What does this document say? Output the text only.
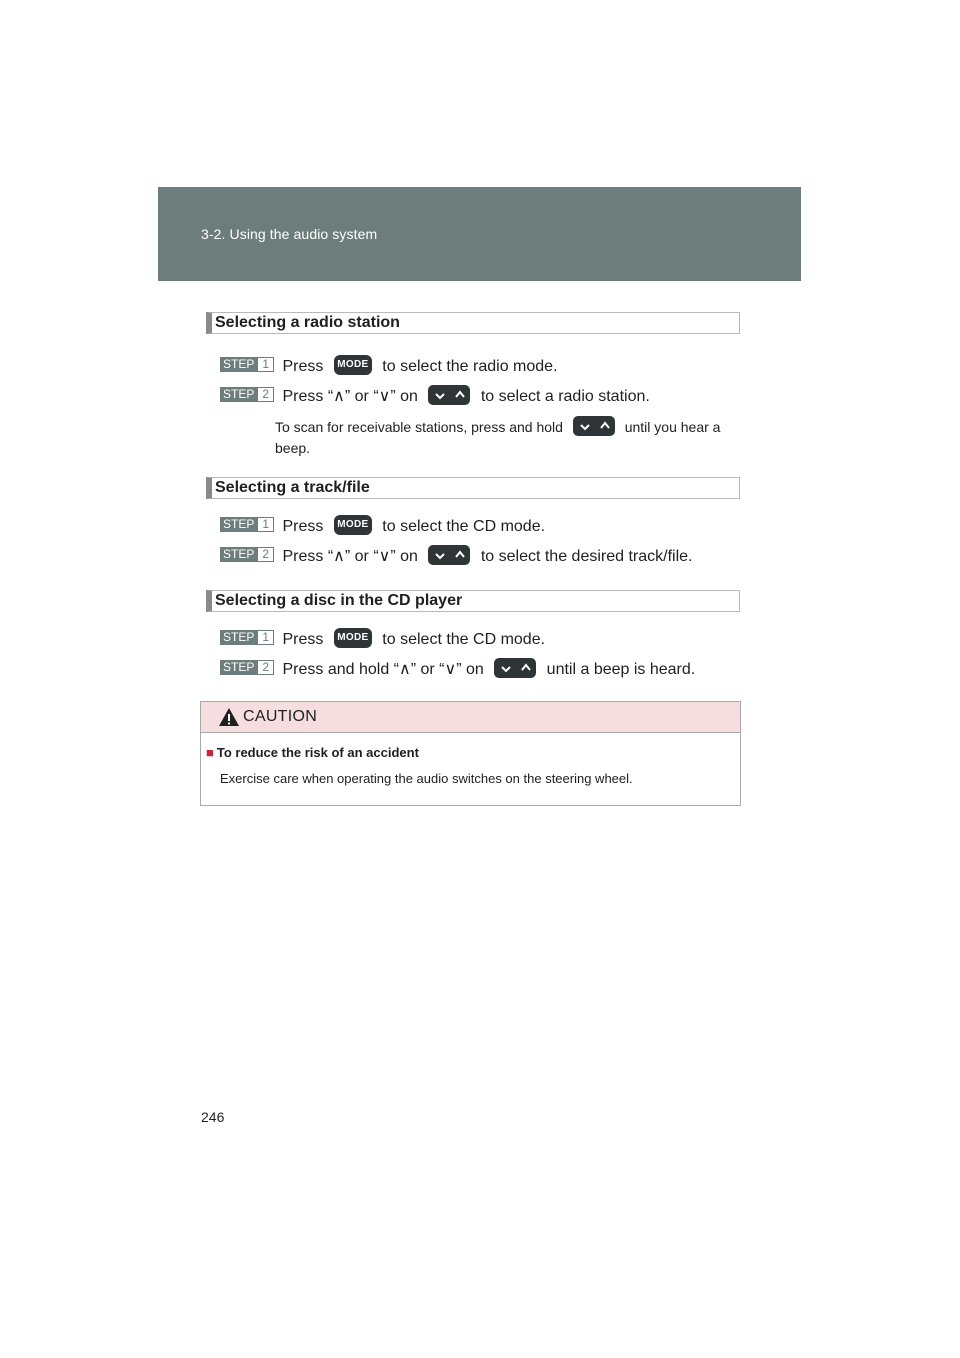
3-2. Using the audio system
Selecting a radio station
STEP 1 Press MODE to select the radio mode.
STEP 2 Press “∧” or “∨” on	to select a radio station.
To scan for receivable stations, press and hold	until you hear a beep.
Selecting a track/file
STEP 1 Press MODE to select the CD mode.
STEP 2 Press “∧” or “∨” on	to select the desired track/file.
Selecting a disc in the CD player
STEP 1 Press MODE to select the CD mode.
STEP 2 Press and hold “∧” or “∨” on	until a beep is heard.
CAUTION
■ To reduce the risk of an accident
Exercise care when operating the audio switches on the steering wheel.
246
